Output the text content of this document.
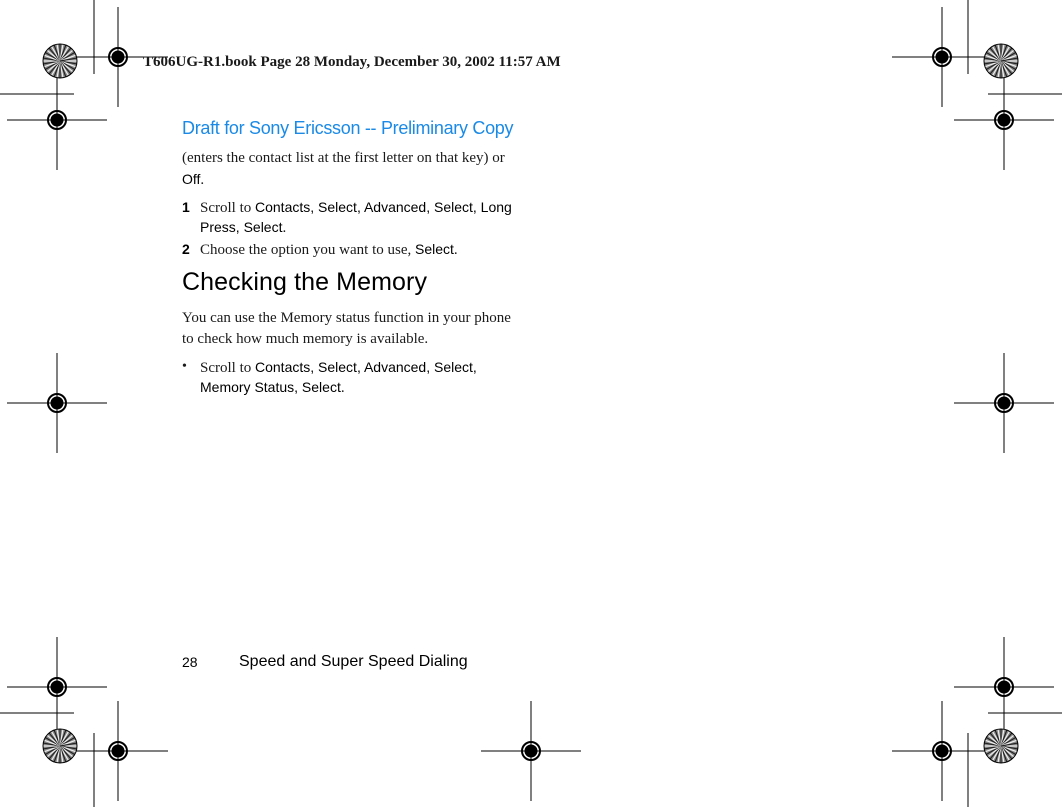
T606UG-R1.book Page 28 Monday, December 30, 2002 11:57 AM
Draft for Sony Ericsson -- Preliminary Copy
(enters the contact list at the first letter on that key) or
Off.
1 Scroll to Contacts, Select, Advanced, Select, Long
Press, Select.
2 Choose the option you want to use, Select.
Checking the Memory
You can use the Memory status function in your phone
to check how much memory is available.
• Scroll to Contacts, Select, Advanced, Select,
Memory Status, Select.
28	Speed and Super Speed Dialing
